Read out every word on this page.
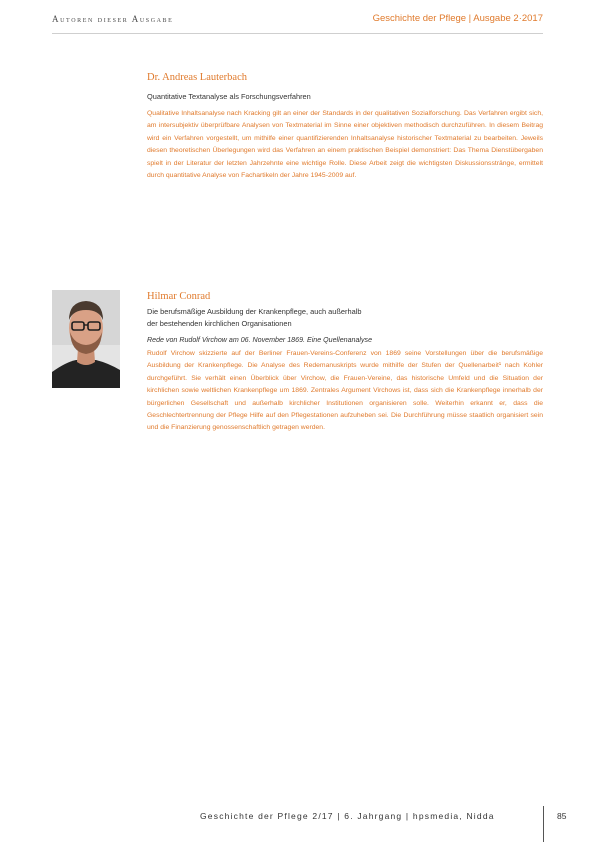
Autoren dieser Ausgabe	Geschichte der Pflege | Ausgabe 2·2017

Dr. Andreas Lauterbach

Quantitative Textanalyse als Forschungsverfahren

Qualitative Inhaltsanalyse nach Kracking gilt an einer der Standards in der qualitativen Sozialforschung. Das Verfahren ergibt sich, am intersubjektiv überprüfbare Analysen von Textmaterial im Sinne einer objektiven methodisch durchzuführen. In diesem Beitrag wird ein Verfahren vorgestellt, um mithilfe einer quantifizierenden Inhaltsanalyse historischer Textmaterial zu bearbeiten. Jeweils diesen theoretischen Überlegungen wird das Verfahren an einem praktischen Beispiel demonstriert: Das Thema Dienstübergaben spielt in der Literatur der letzten Jahrzehnte eine wichtige Rolle. Diese Arbeit zeigt die wichtigsten Diskussionsstränge, ermittelt durch quantitative Analyse von Fachartikeln der Jahre 1945-2009 auf.

Hilmar Conrad

Die berufsmäßige Ausbildung der Krankenpflege, auch außerhalb

der bestehenden kirchlichen Organisationen

Rede von Rudolf Virchow am 06. November 1869. Eine Quellenanalyse

Rudolf Virchow skizzierte auf der Berliner Frauen-Vereins-Conferenz von 1869 seine Vorstellungen über die berufsmäßige Ausbildung der Krankenpflege. Die Analyse des Redemanuskripts wurde mithilfe der Stufen der Quellenarbeit¹ nach Kohler durchgeführt. Sie verhält einen Überblick über Virchow, die Frauen-Vereine, das historische Umfeld und die Situation der kirchlichen sowie weltlichen Krankenpflege um 1869. Zentrales Argument Virchows ist, dass sich die Krankenpflege innerhalb der bürgerlichen Gesellschaft und außerhalb kirchlicher Institutionen organisieren solle. Weiterhin erkannt er, dass die Geschlechtertrennung der Pflege Hilfe auf den Pflegestationen aufzuheben sei. Die Durchführung müsse staatlich organisiert sein und die Finanzierung genossenschaftlich getragen werden.

Geschichte der Pflege 2/17 | 6. Jahrgang | hpsmedia, Nidda	85
